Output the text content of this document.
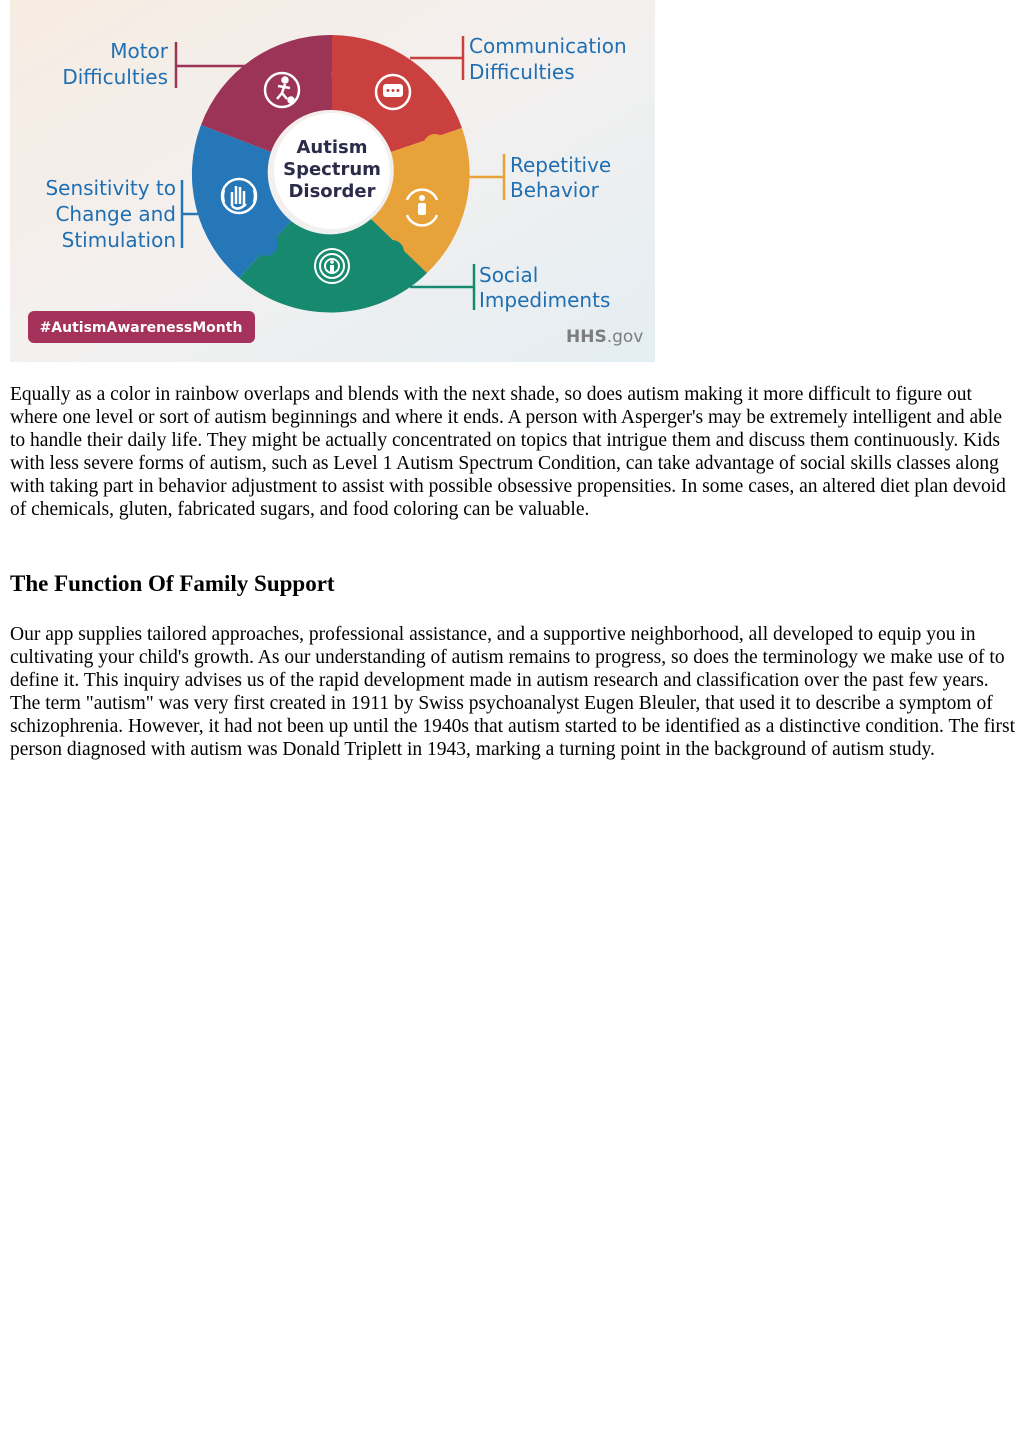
Autism
Spectrum
Disorder
Motor
Difficulties
Communication
Difficulties
Repetitive
Behavior
Social
Impediments
Sensitivity to
Change and
Stimulation
#AutismAwarenessMonth	HHS.gov

Equally as a color in rainbow overlaps and blends with the next shade, so does autism making it more difficult to figure out where one level or sort of autism beginnings and where it ends. A person with Asperger's may be extremely intelligent and able to handle their daily life. They might be actually concentrated on topics that intrigue them and discuss them continuously. Kids with less severe forms of autism, such as Level 1 Autism Spectrum Condition, can take advantage of social skills classes along with taking part in behavior adjustment to assist with possible obsessive propensities. In some cases, an altered diet plan devoid of chemicals, gluten, fabricated sugars, and food coloring can be valuable.

The Function Of Family Support

Our app supplies tailored approaches, professional assistance, and a supportive neighborhood, all developed to equip you in cultivating your child's growth. As our understanding of autism remains to progress, so does the terminology we make use of to define it. This inquiry advises us of the rapid development made in autism research and classification over the past few years. The term "autism" was very first created in 1911 by Swiss psychoanalyst Eugen Bleuler, that used it to describe a symptom of schizophrenia. However, it had not been up until the 1940s that autism started to be identified as a distinctive condition. The first person diagnosed with autism was Donald Triplett in 1943, marking a turning point in the background of autism study.
